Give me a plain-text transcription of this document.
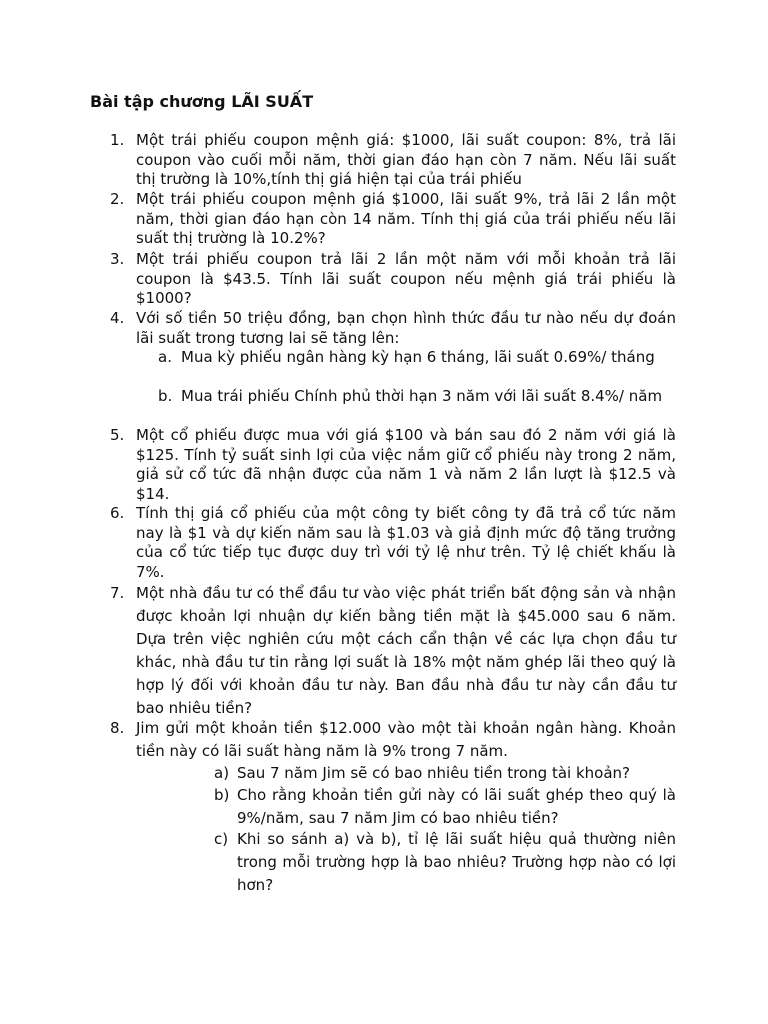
Bài tập chương LÃI SUẤT
1. Một trái phiếu coupon mệnh giá: $1000, lãi suất coupon: 8%, trả lãi coupon vào cuối mỗi năm, thời gian đáo hạn còn 7 năm. Nếu lãi suất thị trường là 10%,tính thị giá hiện tại của trái phiếu
2. Một trái phiếu coupon mệnh giá $1000, lãi suất 9%, trả lãi 2 lần một năm, thời gian đáo hạn còn 14 năm. Tính thị giá của trái phiếu nếu lãi suất thị trường là 10.2%?
3. Một trái phiếu coupon trả lãi 2 lần một năm với mỗi khoản trả lãi coupon là $43.5. Tính lãi suất coupon nếu mệnh giá trái phiếu là $1000?
4. Với số tiền 50 triệu đồng, bạn chọn hình thức đầu tư nào nếu dự đoán lãi suất trong tương lai sẽ tăng lên:
a. Mua kỳ phiếu ngân hàng kỳ hạn 6 tháng, lãi suất 0.69%/ tháng
b. Mua trái phiếu Chính phủ thời hạn 3 năm với lãi suất 8.4%/ năm
5. Một cổ phiếu được mua với giá $100 và bán sau đó 2 năm với giá là $125. Tính tỷ suất sinh lợi của việc nắm giữ cổ phiếu này trong 2 năm, giả sử cổ tức đã nhận được của năm 1 và năm 2 lần lượt là $12.5 và $14.
6. Tính thị giá cổ phiếu của một công ty biết công ty đã trả cổ tức năm nay là $1 và dự kiến năm sau là $1.03 và giả định mức độ tăng trưởng của cổ tức tiếp tục được duy trì với tỷ lệ như trên. Tỷ lệ chiết khấu là 7%.
7. Một nhà đầu tư có thể đầu tư vào việc phát triển bất động sản và nhận được khoản lợi nhuận dự kiến bằng tiền mặt là $45.000 sau 6 năm. Dựa trên việc nghiên cứu một cách cẩn thận về các lựa chọn đầu tư khác, nhà đầu tư tin rằng lợi suất là 18% một năm ghép lãi theo quý là hợp lý đối với khoản đầu tư này. Ban đầu nhà đầu tư này cần đầu tư bao nhiêu tiền?
8. Jim gửi một khoản tiền $12.000 vào một tài khoản ngân hàng. Khoản tiền này có lãi suất hàng năm là 9% trong 7 năm.
a) Sau 7 năm Jim sẽ có bao nhiêu tiền trong tài khoản?
b) Cho rằng khoản tiền gửi này có lãi suất ghép theo quý là 9%/năm, sau 7 năm Jim có bao nhiêu tiền?
c) Khi so sánh a) và b), tỉ lệ lãi suất hiệu quả thường niên trong mỗi trường hợp là bao nhiêu? Trường hợp nào có lợi hơn?
